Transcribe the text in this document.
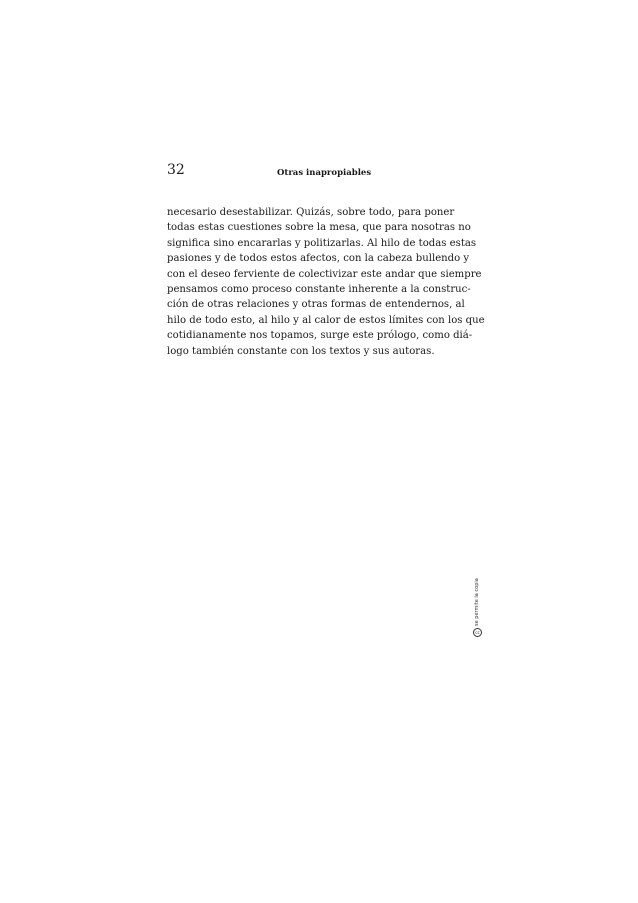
32	Otras inapropiables
necesario desestabilizar. Quizás, sobre todo, para poner
todas estas cuestiones sobre la mesa, que para nosotras no
significa sino encararlas y politizarlas. Al hilo de todas estas
pasiones y de todos estos afectos, con la cabeza bullendo y
con el deseo ferviente de colectivizar este andar que siempre
pensamos como proceso constante inherente a la construc-
ción de otras relaciones y otras formas de entendernos, al
hilo de todo esto, al hilo y al calor de estos límites con los que
cotidianamente nos topamos, surge este prólogo, como diá-
logo también constante con los textos y sus autoras.
cc
se permite la copia
